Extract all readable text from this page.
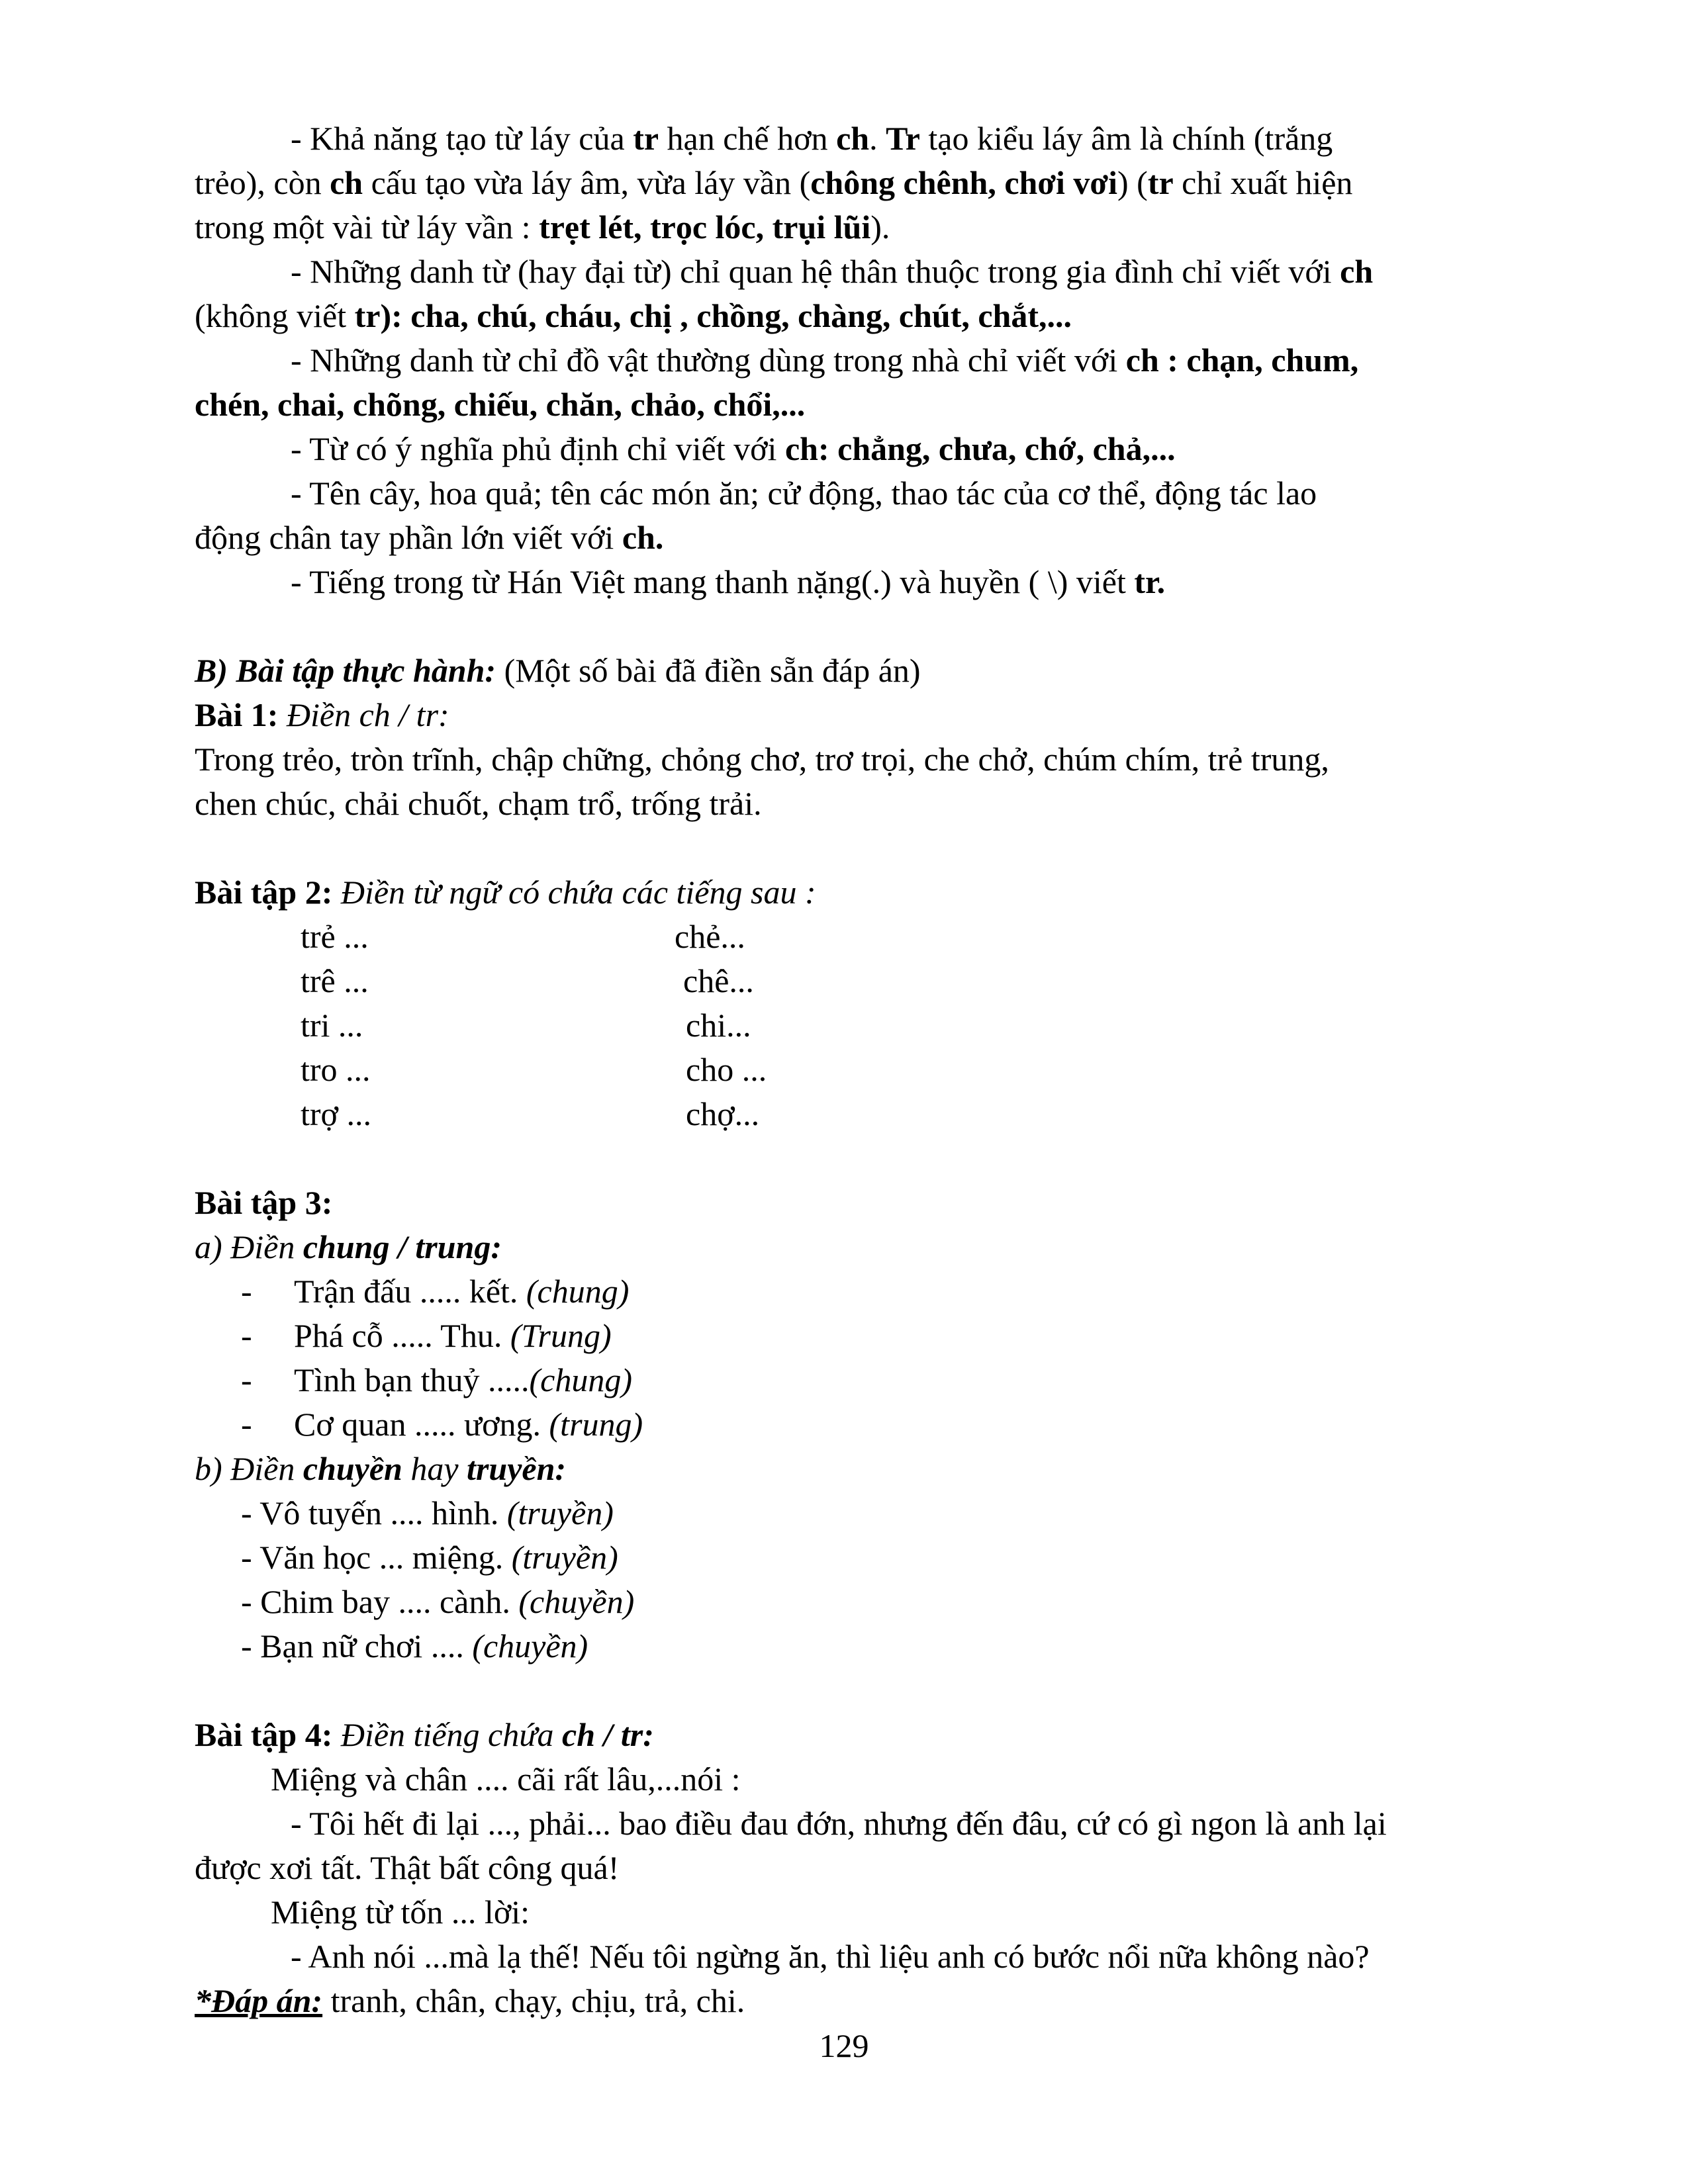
- Khả năng tạo từ láy của tr hạn chế hơn ch. Tr tạo kiểu láy âm là chính (trắng
trẻo), còn ch cấu tạo vừa láy âm, vừa láy vần (chông chênh, chơi vơi) (tr chỉ xuất hiện
trong một vài từ láy vần : trẹt lét, trọc lóc, trụi lũi).
- Những danh từ (hay đại từ) chỉ quan hệ thân thuộc trong gia đình chỉ viết với ch
(không viết tr): cha, chú, cháu, chị , chồng, chàng, chút, chắt,...
- Những danh từ chỉ đồ vật thường dùng trong nhà chỉ viết với ch : chạn, chum,
chén, chai, chõng, chiếu, chăn, chảo, chổi,...
- Từ có ý nghĩa phủ định chỉ viết với ch: chẳng, chưa, chớ, chả,...
- Tên cây, hoa quả; tên các món ăn; cử động, thao tác của cơ thể, động tác lao
động chân tay phần lớn viết với ch.
- Tiếng trong từ Hán Việt mang thanh nặng(.) và huyền ( \) viết tr.
B) Bài tập thực hành: (Một số bài đã điền sẵn đáp án)
Bài 1: Điền ch / tr:
Trong trẻo, tròn trĩnh, chập chững, chỏng chơ, trơ trọi, che chở, chúm chím, trẻ trung,
chen chúc, chải chuốt, chạm trổ, trống trải.
Bài tập 2: Điền từ ngữ có chứa các tiếng sau :
trẻ ...	chẻ...
trê ...	chê...
tri ...	chi...
tro ...	cho ...
trợ ...	chợ...
Bài tập 3:
a) Điền chung / trung:
- Trận đấu ..... kết. (chung)
- Phá cỗ ..... Thu. (Trung)
- Tình bạn thuỷ .....(chung)
- Cơ quan ..... ương. (trung)
b) Điền chuyền hay truyền:
- Vô tuyến .... hình. (truyền)
- Văn học ... miệng. (truyền)
- Chim bay .... cành. (chuyền)
- Bạn nữ chơi .... (chuyền)
Bài tập 4: Điền tiếng chứa ch / tr:
Miệng và chân .... cãi rất lâu,...nói :
- Tôi hết đi lại ..., phải... bao điều đau đớn, nhưng đến đâu, cứ có gì ngon là anh lại
được xơi tất. Thật bất công quá!
Miệng từ tốn ... lời:
- Anh nói ...mà lạ thế! Nếu tôi ngừng ăn, thì liệu anh có bước nổi nữa không nào?
*Đáp án: tranh, chân, chạy, chịu, trả, chi.
129
